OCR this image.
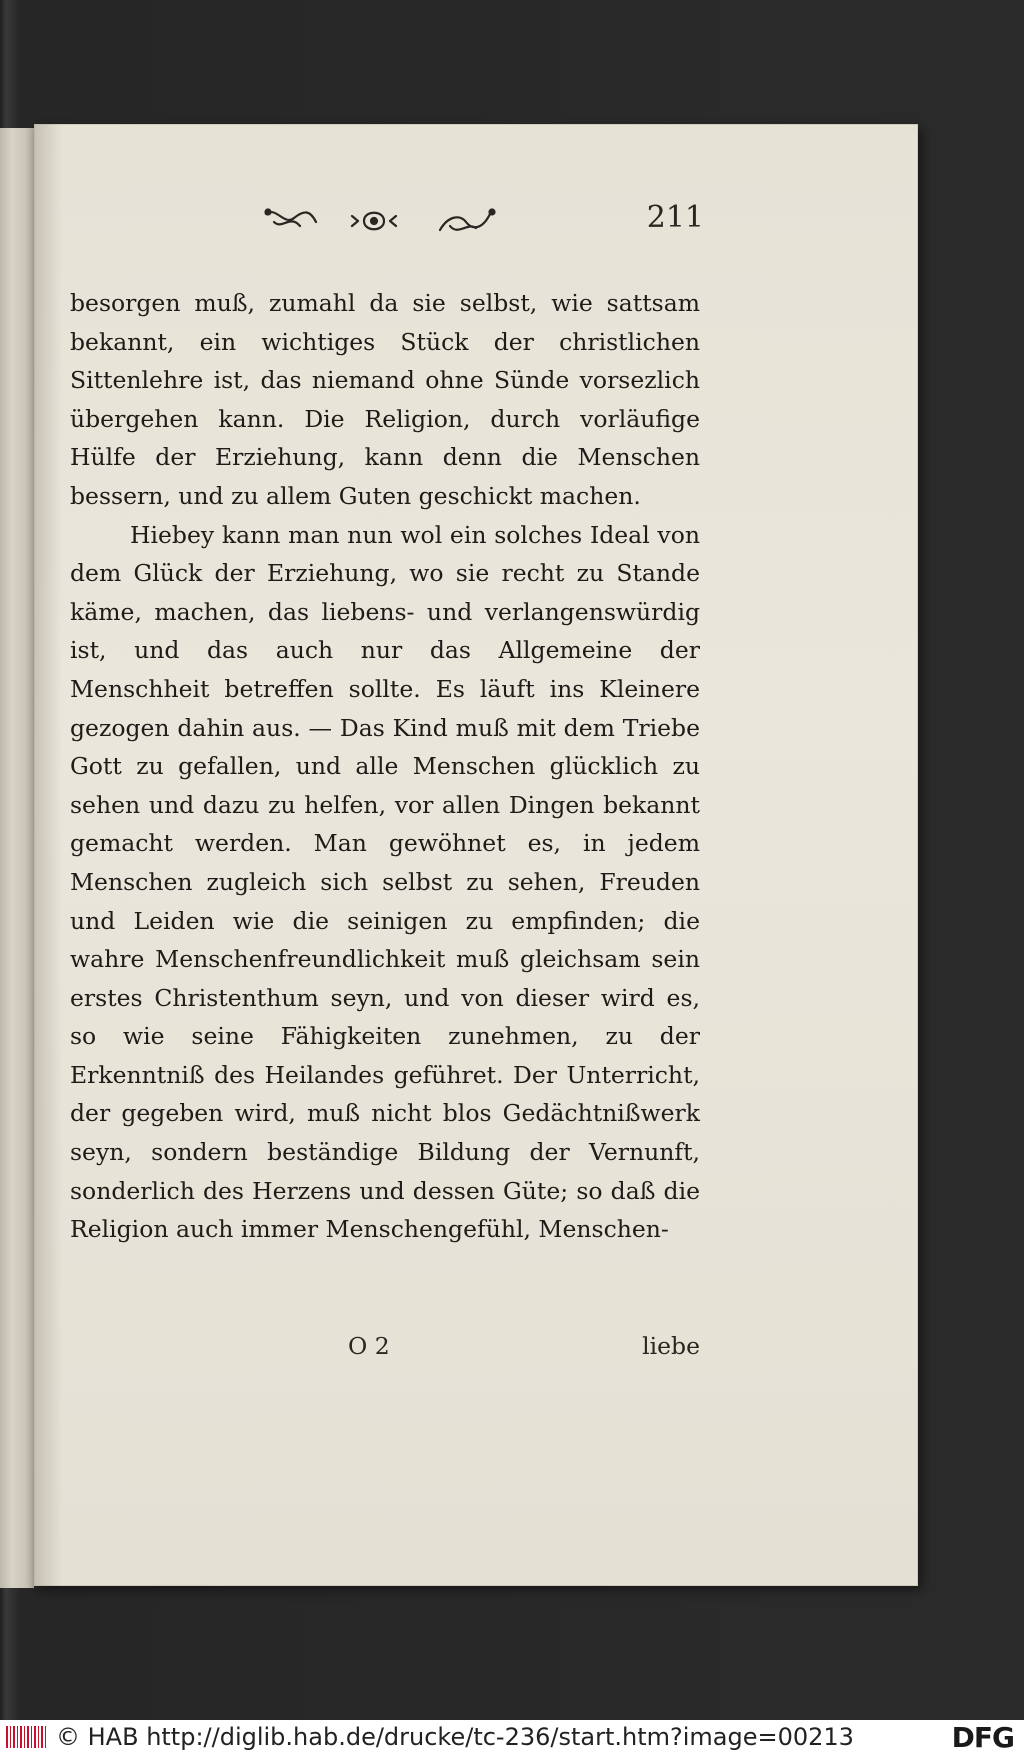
211

besorgen muß, zumahl da sie selbst, wie sattsam bekannt, ein wichtiges Stück der christlichen Sittenlehre ist, das niemand ohne Sünde vorsezlich übergehen kann. Die Religion, durch vorläufige Hülfe der Erziehung, kann denn die Menschen bessern, und zu allem Guten geschickt machen.

Hiebey kann man nun wol ein solches Ideal von dem Glück der Erziehung, wo sie recht zu Stande käme, machen, das liebens- und verlangenswürdig ist, und das auch nur das Allgemeine der Menschheit betreffen sollte. Es läuft ins Kleinere gezogen dahin aus. — Das Kind muß mit dem Triebe Gott zu gefallen, und alle Menschen glücklich zu sehen und dazu zu helfen, vor allen Dingen bekannt gemacht werden. Man gewöhnet es, in jedem Menschen zugleich sich selbst zu sehen, Freuden und Leiden wie die seinigen zu empfinden; die wahre Menschenfreundlichkeit muß gleichsam sein erstes Christenthum seyn, und von dieser wird es, so wie seine Fähigkeiten zunehmen, zu der Erkenntniß des Heilandes geführet. Der Unterricht, der gegeben wird, muß nicht blos Gedächtnißwerk seyn, sondern beständige Bildung der Vernunft, sonderlich des Herzens und dessen Güte; so daß die Religion auch immer Menschengefühl, Menschen-

O 2	liebe
© HAB http://diglib.hab.de/drucke/tc-236/start.htm?image=00213	DFG
